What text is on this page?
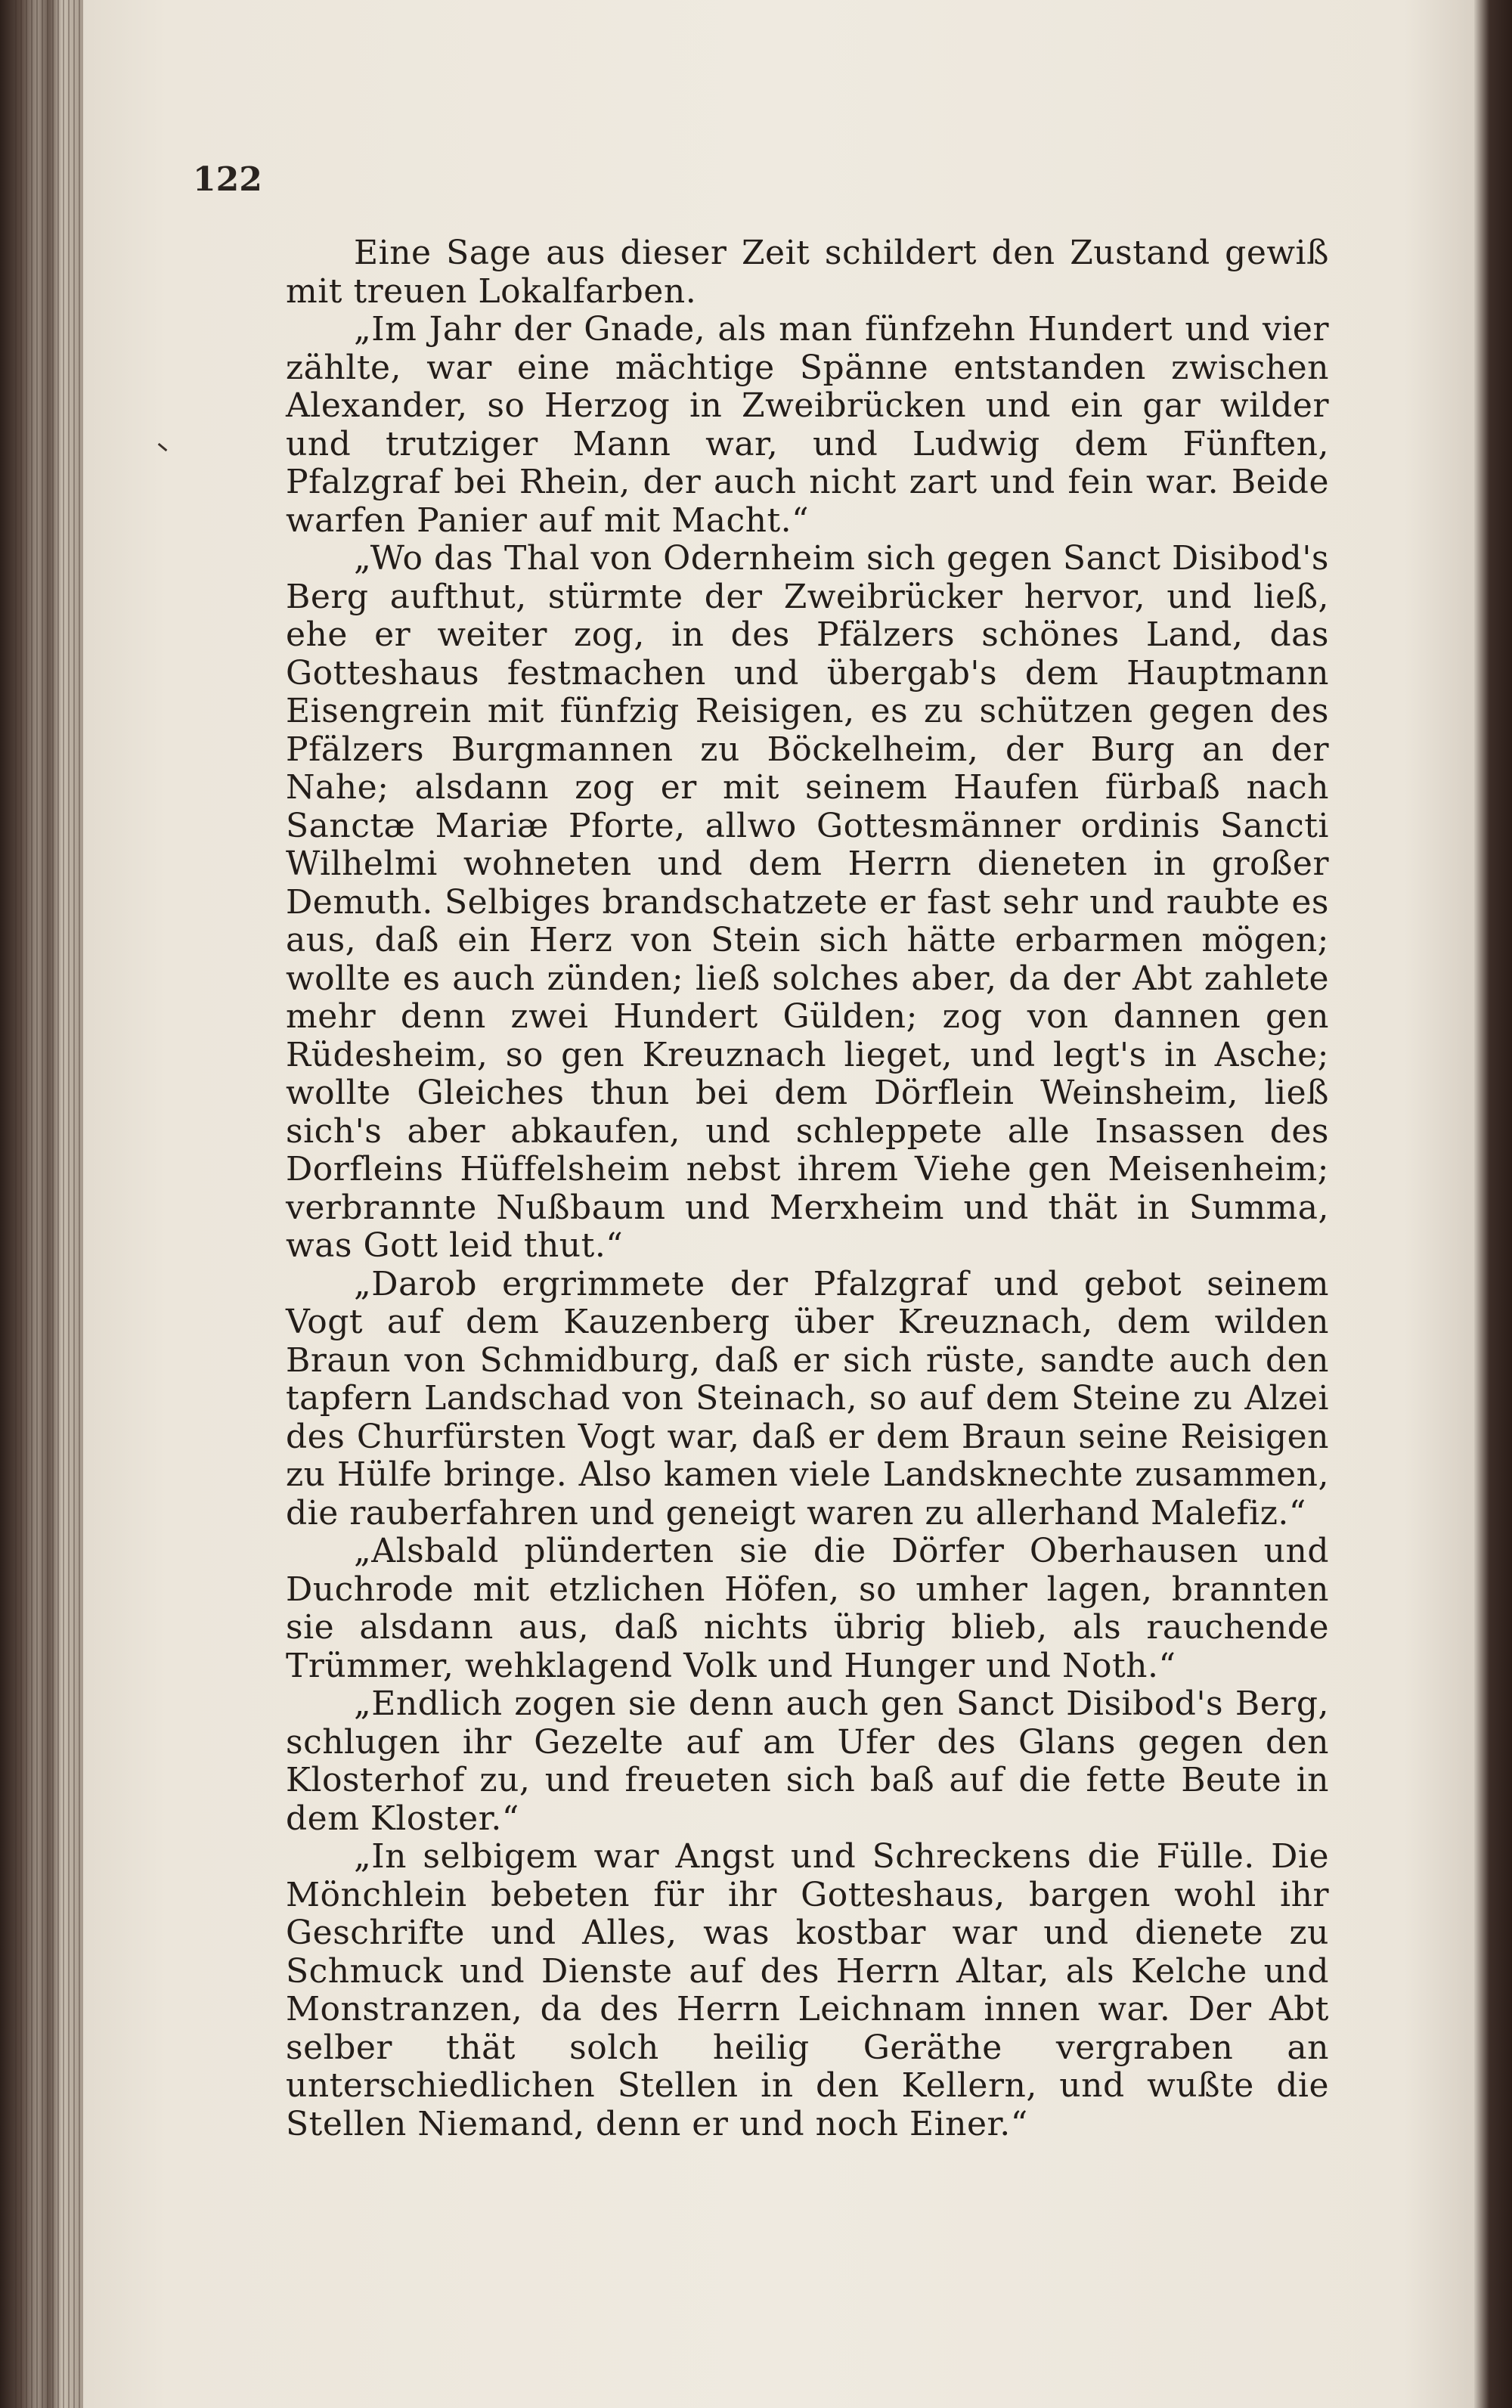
122

Eine Sage aus dieser Zeit schildert den Zustand gewiß mit treuen Lokalfarben.

„Im Jahr der Gnade, als man fünfzehn Hundert und vier zählte, war eine mächtige Spänne entstanden zwischen Alexander, so Herzog in Zweibrücken und ein gar wilder und trutziger Mann war, und Ludwig dem Fünften, Pfalzgraf bei Rhein, der auch nicht zart und fein war. Beide warfen Panier auf mit Macht.“

„Wo das Thal von Odernheim sich gegen Sanct Disibod's Berg aufthut, stürmte der Zweibrücker hervor, und ließ, ehe er weiter zog, in des Pfälzers schönes Land, das Gotteshaus festmachen und übergab's dem Hauptmann Eisengrein mit fünfzig Reisigen, es zu schützen gegen des Pfälzers Burgmannen zu Böckelheim, der Burg an der Nahe; alsdann zog er mit seinem Haufen fürbaß nach Sanctæ Mariæ Pforte, allwo Gottesmänner ordinis Sancti Wilhelmi wohneten und dem Herrn dieneten in großer Demuth. Selbiges brandschatzete er fast sehr und raubte es aus, daß ein Herz von Stein sich hätte erbarmen mögen; wollte es auch zünden; ließ solches aber, da der Abt zahlete mehr denn zwei Hundert Gülden; zog von dannen gen Rüdesheim, so gen Kreuznach lieget, und legt's in Asche; wollte Gleiches thun bei dem Dörflein Weinsheim, ließ sich's aber abkaufen, und schleppete alle Insassen des Dorfleins Hüffelsheim nebst ihrem Viehe gen Meisenheim; verbrannte Nußbaum und Merxheim und thät in Summa, was Gott leid thut.“

„Darob ergrimmete der Pfalzgraf und gebot seinem Vogt auf dem Kauzenberg über Kreuznach, dem wilden Braun von Schmidburg, daß er sich rüste, sandte auch den tapfern Landschad von Steinach, so auf dem Steine zu Alzei des Churfürsten Vogt war, daß er dem Braun seine Reisigen zu Hülfe bringe. Also kamen viele Landsknechte zusammen, die rauberfahren und geneigt waren zu allerhand Malefiz.“

„Alsbald plünderten sie die Dörfer Oberhausen und Duchrode mit etzlichen Höfen, so umher lagen, brannten sie alsdann aus, daß nichts übrig blieb, als rauchende Trümmer, wehklagend Volk und Hunger und Noth.“

„Endlich zogen sie denn auch gen Sanct Disibod's Berg, schlugen ihr Gezelte auf am Ufer des Glans gegen den Klosterhof zu, und freueten sich baß auf die fette Beute in dem Kloster.“

„In selbigem war Angst und Schreckens die Fülle. Die Mönchlein bebeten für ihr Gotteshaus, bargen wohl ihr Geschrifte und Alles, was kostbar war und dienete zu Schmuck und Dienste auf des Herrn Altar, als Kelche und Monstranzen, da des Herrn Leichnam innen war. Der Abt selber thät solch heilig Geräthe vergraben an unterschiedlichen Stellen in den Kellern, und wußte die Stellen Niemand, denn er und noch Einer.“
